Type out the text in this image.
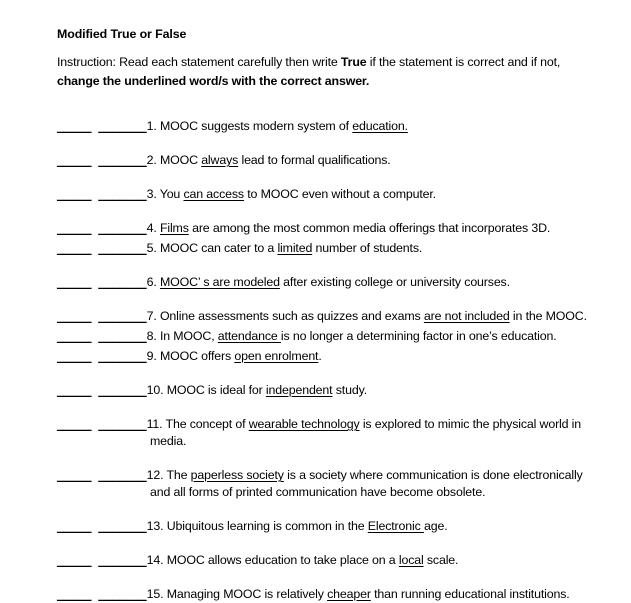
Modified True or False

Instruction: Read each statement carefully then write True if the statement is correct and if not, change the underlined word/s with the correct answer.

_____ _______1. MOOC suggests modern system of education.
_____ _______2. MOOC always lead to formal qualifications.
_____ _______3. You can access to MOOC even without a computer.
_____ _______4. Films are among the most common media offerings that incorporates 3D.
_____ _______5. MOOC can cater to a limited number of students.
_____ _______6. MOOC’ s are modeled after existing college or university courses.
_____ _______7. Online assessments such as quizzes and exams are not included in the MOOC.
_____ _______8. In MOOC, attendance is no longer a determining factor in one’s education.
_____ _______9. MOOC offers open enrolment.
_____ _______10. MOOC is ideal for independent study.
_____ _______11. The concept of wearable technology is explored to mimic the physical world in
media.
_____ _______12. The paperless society is a society where communication is done electronically
and all forms of printed communication have become obsolete.
_____ _______13. Ubiquitous learning is common in the Electronic age.
_____ _______14. MOOC allows education to take place on a local scale.
_____ _______15. Managing MOOC is relatively cheaper than running educational institutions.
